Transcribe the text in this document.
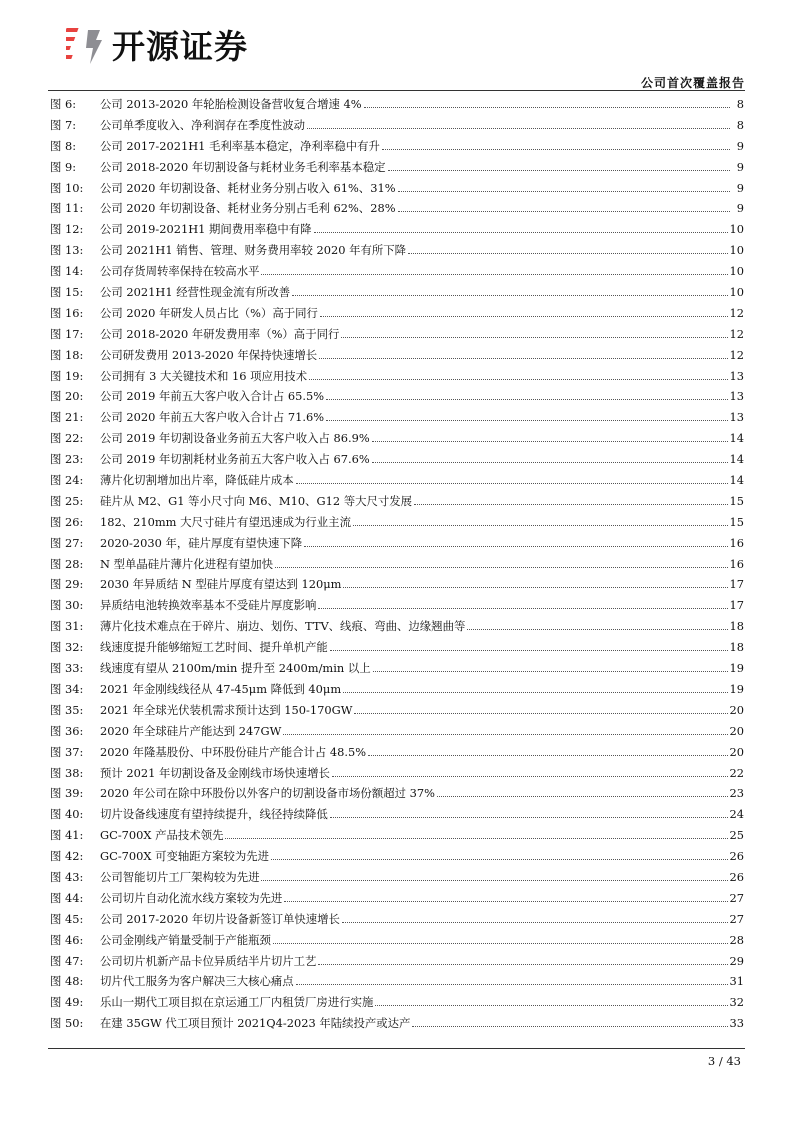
开源证券
公司首次覆盖报告
图 6:	公司 2013-2020 年轮胎检测设备营收复合增速 4%	8
图 7:	公司单季度收入、净利润存在季度性波动	8
图 8:	公司 2017-2021H1 毛利率基本稳定，净利率稳中有升	9
图 9:	公司 2018-2020 年切割设备与耗材业务毛利率基本稳定	9
图 10:	公司 2020 年切割设备、耗材业务分别占收入 61%、31%	9
图 11:	公司 2020 年切割设备、耗材业务分别占毛利 62%、28%	9
图 12:	公司 2019-2021H1 期间费用率稳中有降	10
图 13:	公司 2021H1 销售、管理、财务费用率较 2020 年有所下降	10
图 14:	公司存货周转率保持在较高水平	10
图 15:	公司 2021H1 经营性现金流有所改善	10
图 16:	公司 2020 年研发人员占比（%）高于同行	12
图 17:	公司 2018-2020 年研发费用率（%）高于同行	12
图 18:	公司研发费用 2013-2020 年保持快速增长	12
图 19:	公司拥有 3 大关键技术和 16 项应用技术	13
图 20:	公司 2019 年前五大客户收入合计占 65.5%	13
图 21:	公司 2020 年前五大客户收入合计占 71.6%	13
图 22:	公司 2019 年切割设备业务前五大客户收入占 86.9%	14
图 23:	公司 2019 年切割耗材业务前五大客户收入占 67.6%	14
图 24:	薄片化切割增加出片率，降低硅片成本	14
图 25:	硅片从 M2、G1 等小尺寸向 M6、M10、G12 等大尺寸发展	15
图 26:	182、210mm 大尺寸硅片有望迅速成为行业主流	15
图 27:	2020-2030 年，硅片厚度有望快速下降	16
图 28:	N 型单晶硅片薄片化进程有望加快	16
图 29:	2030 年异质结 N 型硅片厚度有望达到 120μm	17
图 30:	异质结电池转换效率基本不受硅片厚度影响	17
图 31:	薄片化技术难点在于碎片、崩边、划伤、TTV、线痕、弯曲、边缘翘曲等	18
图 32:	线速度提升能够缩短工艺时间、提升单机产能	18
图 33:	线速度有望从 2100m/min 提升至 2400m/min 以上	19
图 34:	2021 年金刚线线径从 47-45μm 降低到 40μm	19
图 35:	2021 年全球光伏装机需求预计达到 150-170GW	20
图 36:	2020 年全球硅片产能达到 247GW	20
图 37:	2020 年隆基股份、中环股份硅片产能合计占 48.5%	20
图 38:	预计 2021 年切割设备及金刚线市场快速增长	22
图 39:	2020 年公司在除中环股份以外客户的切割设备市场份额超过 37%	23
图 40:	切片设备线速度有望持续提升，线径持续降低	24
图 41:	GC-700X 产品技术领先	25
图 42:	GC-700X 可变轴距方案较为先进	26
图 43:	公司智能切片工厂架构较为先进	26
图 44:	公司切片自动化流水线方案较为先进	27
图 45:	公司 2017-2020 年切片设备新签订单快速增长	27
图 46:	公司金刚线产销量受制于产能瓶颈	28
图 47:	公司切片机新产品卡位异质结半片切片工艺	29
图 48:	切片代工服务为客户解决三大核心痛点	31
图 49:	乐山一期代工项目拟在京运通工厂内租赁厂房进行实施	32
图 50:	在建 35GW 代工项目预计 2021Q4-2023 年陆续投产或达产	33
3 / 43
